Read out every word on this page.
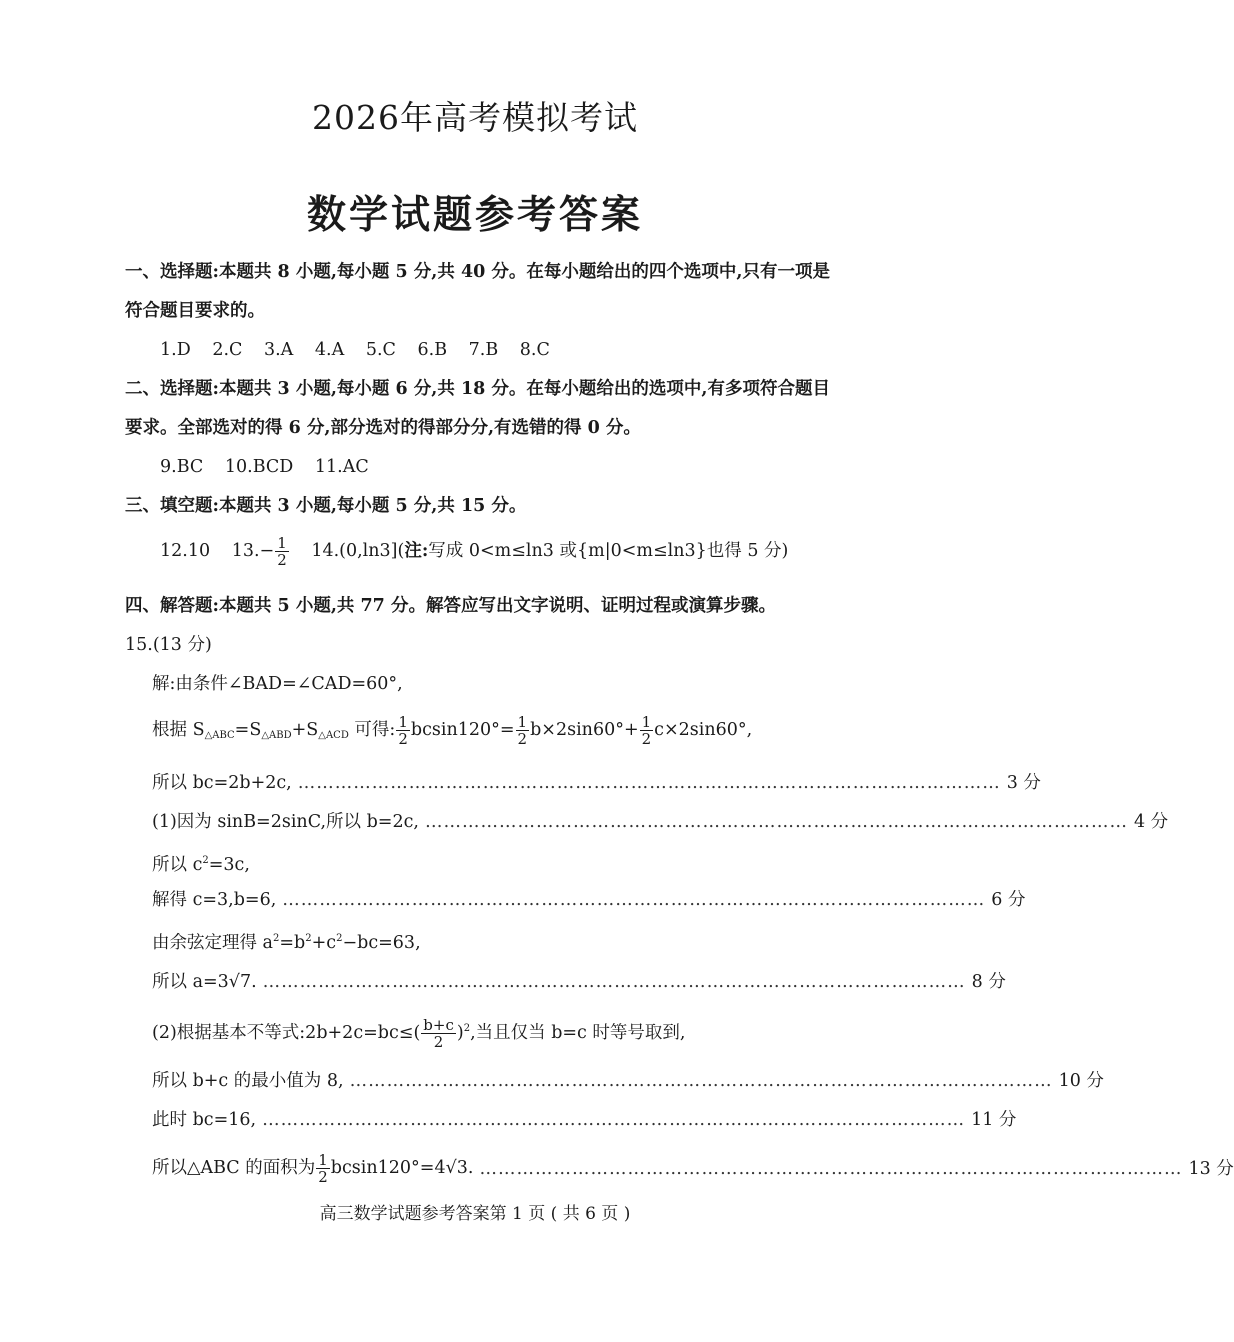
2026年高考模拟考试
数学试题参考答案
一、选择题:本题共 8 小题,每小题 5 分,共 40 分。在每小题给出的四个选项中,只有一项是
符合题目要求的。
1.D 2.C 3.A 4.A 5.C 6.B 7.B 8.C
二、选择题:本题共 3 小题,每小题 6 分,共 18 分。在每小题给出的选项中,有多项符合题目
要求。全部选对的得 6 分,部分选对的得部分分,有选错的得 0 分。
9.BC 10.BCD 11.AC
三、填空题:本题共 3 小题,每小题 5 分,共 15 分。
12.10 $13.- \frac{1}{2} 14.(0,\ln 3]$(注:写成 0<m≤ln3 或{m|0<m≤ln3}也得 5 分)
四、解答题:本题共 5 小题,共 77 分。解答应写出文字说明、证明过程或演算步骤。
15.(13 分)
解:由条件∠BAD=∠CAD=60°,
根据 $S_{\triangle ABC}=S_{\triangle ABD}+S_{\triangle ACD}$ 可得: $\frac{1}{2} bcsin120^\circ= \frac{1}{2} b\times 2\sin 60^\circ+ \frac{1}{2} c\times 2\sin 60^\circ$,
所以 bc=2b+2c, …………………………………………………………………………………………………… 3 分
(1)因为 sinB=2sinC,所以 b=2c, …………………………………………………………………………………………………… 4 分
所以 $c^2=3c$,
解得 c=3,b=6, …………………………………………………………………………………………………… 6 分
由余弦定理得 $a^2=b^2+c^2-bc=63$,
所以 a=3√7. …………………………………………………………………………………………………… 8 分
(2)根据基本不等式:2b+2c=bc≤( $\frac{b+c}{2} )^2$,当且仅当 b=c 时等号取到,
所以 b+c 的最小值为 8, …………………………………………………………………………………………………… 10 分
此时 bc=16, …………………………………………………………………………………………………… 11 分
所以△ABC 的面积为 $\frac{1}{2} bcsin120^\circ=4√3$. …………………………………………………………………………………………………… 13 分
高三数学试题参考答案第 1 页 ( 共 6 页 )
